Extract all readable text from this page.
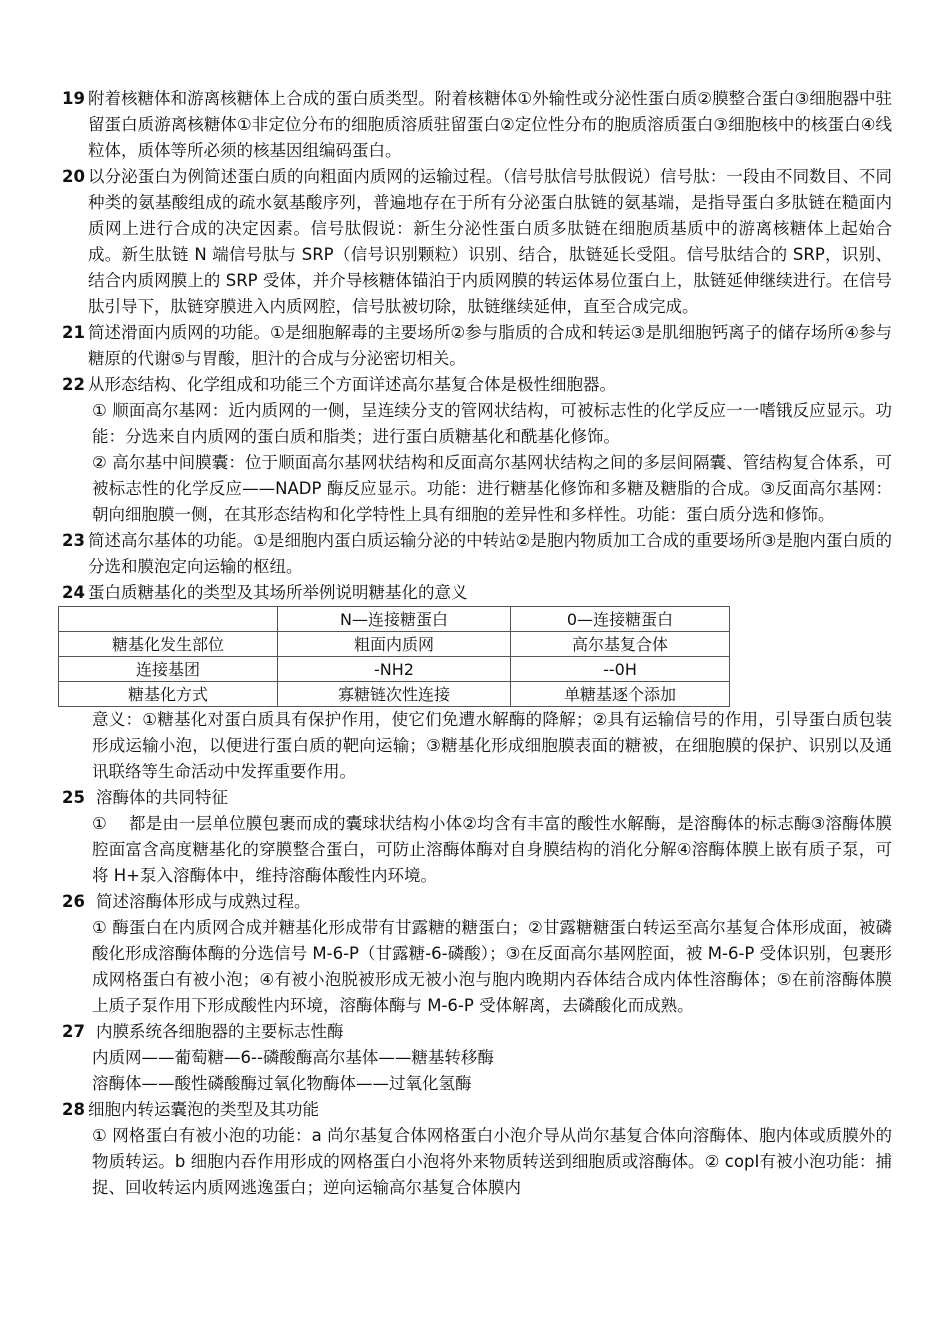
19 附着核糖体和游离核糖体上合成的蛋白质类型。附着核糖体①外输性或分泌性蛋白质②膜整合蛋白③细胞器中驻留蛋白质游离核糖体①非定位分布的细胞质溶质驻留蛋白②定位性分布的胞质溶质蛋白③细胞核中的核蛋白④线粒体，质体等所必须的核基因组编码蛋白。
20 以分泌蛋白为例简述蛋白质的向粗面内质网的运输过程。（信号肽信号肽假说）信号肽：一段由不同数目、不同种类的氨基酸组成的疏水氨基酸序列，普遍地存在于所有分泌蛋白肽链的氨基端，是指导蛋白多肽链在糙面内质网上进行合成的决定因素。信号肽假说：新生分泌性蛋白质多肽链在细胞质基质中的游离核糖体上起始合成。新生肽链 N 端信号肽与 SRP（信号识别颗粒）识别、结合，肽链延长受阻。信号肽结合的 SRP，识别、结合内质网膜上的 SRP 受体，并介导核糖体锚泊于内质网膜的转运体易位蛋白上，肽链延伸继续进行。在信号肽引导下，肽链穿膜进入内质网腔，信号肽被切除，肽链继续延伸，直至合成完成。
21 简述滑面内质网的功能。①是细胞解毒的主要场所②参与脂质的合成和转运③是肌细胞钙离子的储存场所④参与糖原的代谢⑤与胃酸，胆汁的合成与分泌密切相关。
22 从形态结构、化学组成和功能三个方面详述高尔基复合体是极性细胞器。
① 顺面高尔基网：近内质网的一侧，呈连续分支的管网状结构，可被标志性的化学反应一一嗜锇反应显示。功能：分选来自内质网的蛋白质和脂类；进行蛋白质糖基化和酰基化修饰。
② 高尔基中间膜囊：位于顺面高尔基网状结构和反面高尔基网状结构之间的多层间隔囊、管结构复合体系，可被标志性的化学反应——NADP 酶反应显示。功能：进行糖基化修饰和多糖及糖脂的合成。③反面高尔基网：朝向细胞膜一侧，在其形态结构和化学特性上具有细胞的差异性和多样性。功能：蛋白质分选和修饰。
23 简述高尔基体的功能。①是细胞内蛋白质运输分泌的中转站②是胞内物质加工合成的重要场所③是胞内蛋白质的分选和膜泡定向运输的枢纽。
24 蛋白质糖基化的类型及其场所举例说明糖基化的意义
	N—连接糖蛋白	0—连接糖蛋白
糖基化发生部位	粗面内质网	高尔基复合体
连接基团	-NH2	--0H
糖基化方式	寡糖链次性连接	单糖基逐个添加
意义：①糖基化对蛋白质具有保护作用，使它们免遭水解酶的降解；②具有运输信号的作用，引导蛋白质包装形成运输小泡，以便进行蛋白质的靶向运输；③糖基化形成细胞膜表面的糖被，在细胞膜的保护、识别以及通讯联络等生命活动中发挥重要作用。
25 溶酶体的共同特征
①　 都是由一层单位膜包裹而成的囊球状结构小体②均含有丰富的酸性水解酶，是溶酶体的标志酶③溶酶体膜腔面富含高度糖基化的穿膜整合蛋白，可防止溶酶体酶对自身膜结构的消化分解④溶酶体膜上嵌有质子泵，可将 H+泵入溶酶体中，维持溶酶体酸性内环境。
26 简述溶酶体形成与成熟过程。
① 酶蛋白在内质网合成并糖基化形成带有甘露糖的糖蛋白；②甘露糖糖蛋白转运至高尔基复合体形成面，被磷酸化形成溶酶体酶的分选信号 M-6-P（甘露糖-6-磷酸）；③在反面高尔基网腔面，被 M-6-P 受体识别，包裹形成网格蛋白有被小泡；④有被小泡脱被形成无被小泡与胞内晚期内吞体结合成内体性溶酶体；⑤在前溶酶体膜上质子泵作用下形成酸性内环境，溶酶体酶与 M-6-P 受体解离，去磷酸化而成熟。
27 内膜系统各细胞器的主要标志性酶
内质网——葡萄糖—6--磷酸酶高尔基体——糖基转移酶
溶酶体——酸性磷酸酶过氧化物酶体——过氧化氢酶
28 细胞内转运囊泡的类型及其功能
① 网格蛋白有被小泡的功能：a 尚尔基复合体网格蛋白小泡介导从尚尔基复合体向溶酶体、胞内体或质膜外的物质转运。b 细胞内吞作用形成的网格蛋白小泡将外来物质转送到细胞质或溶酶体。② copⅠ有被小泡功能：捕捉、回收转运内质网逃逸蛋白；逆向运输高尔基复合体膜内
